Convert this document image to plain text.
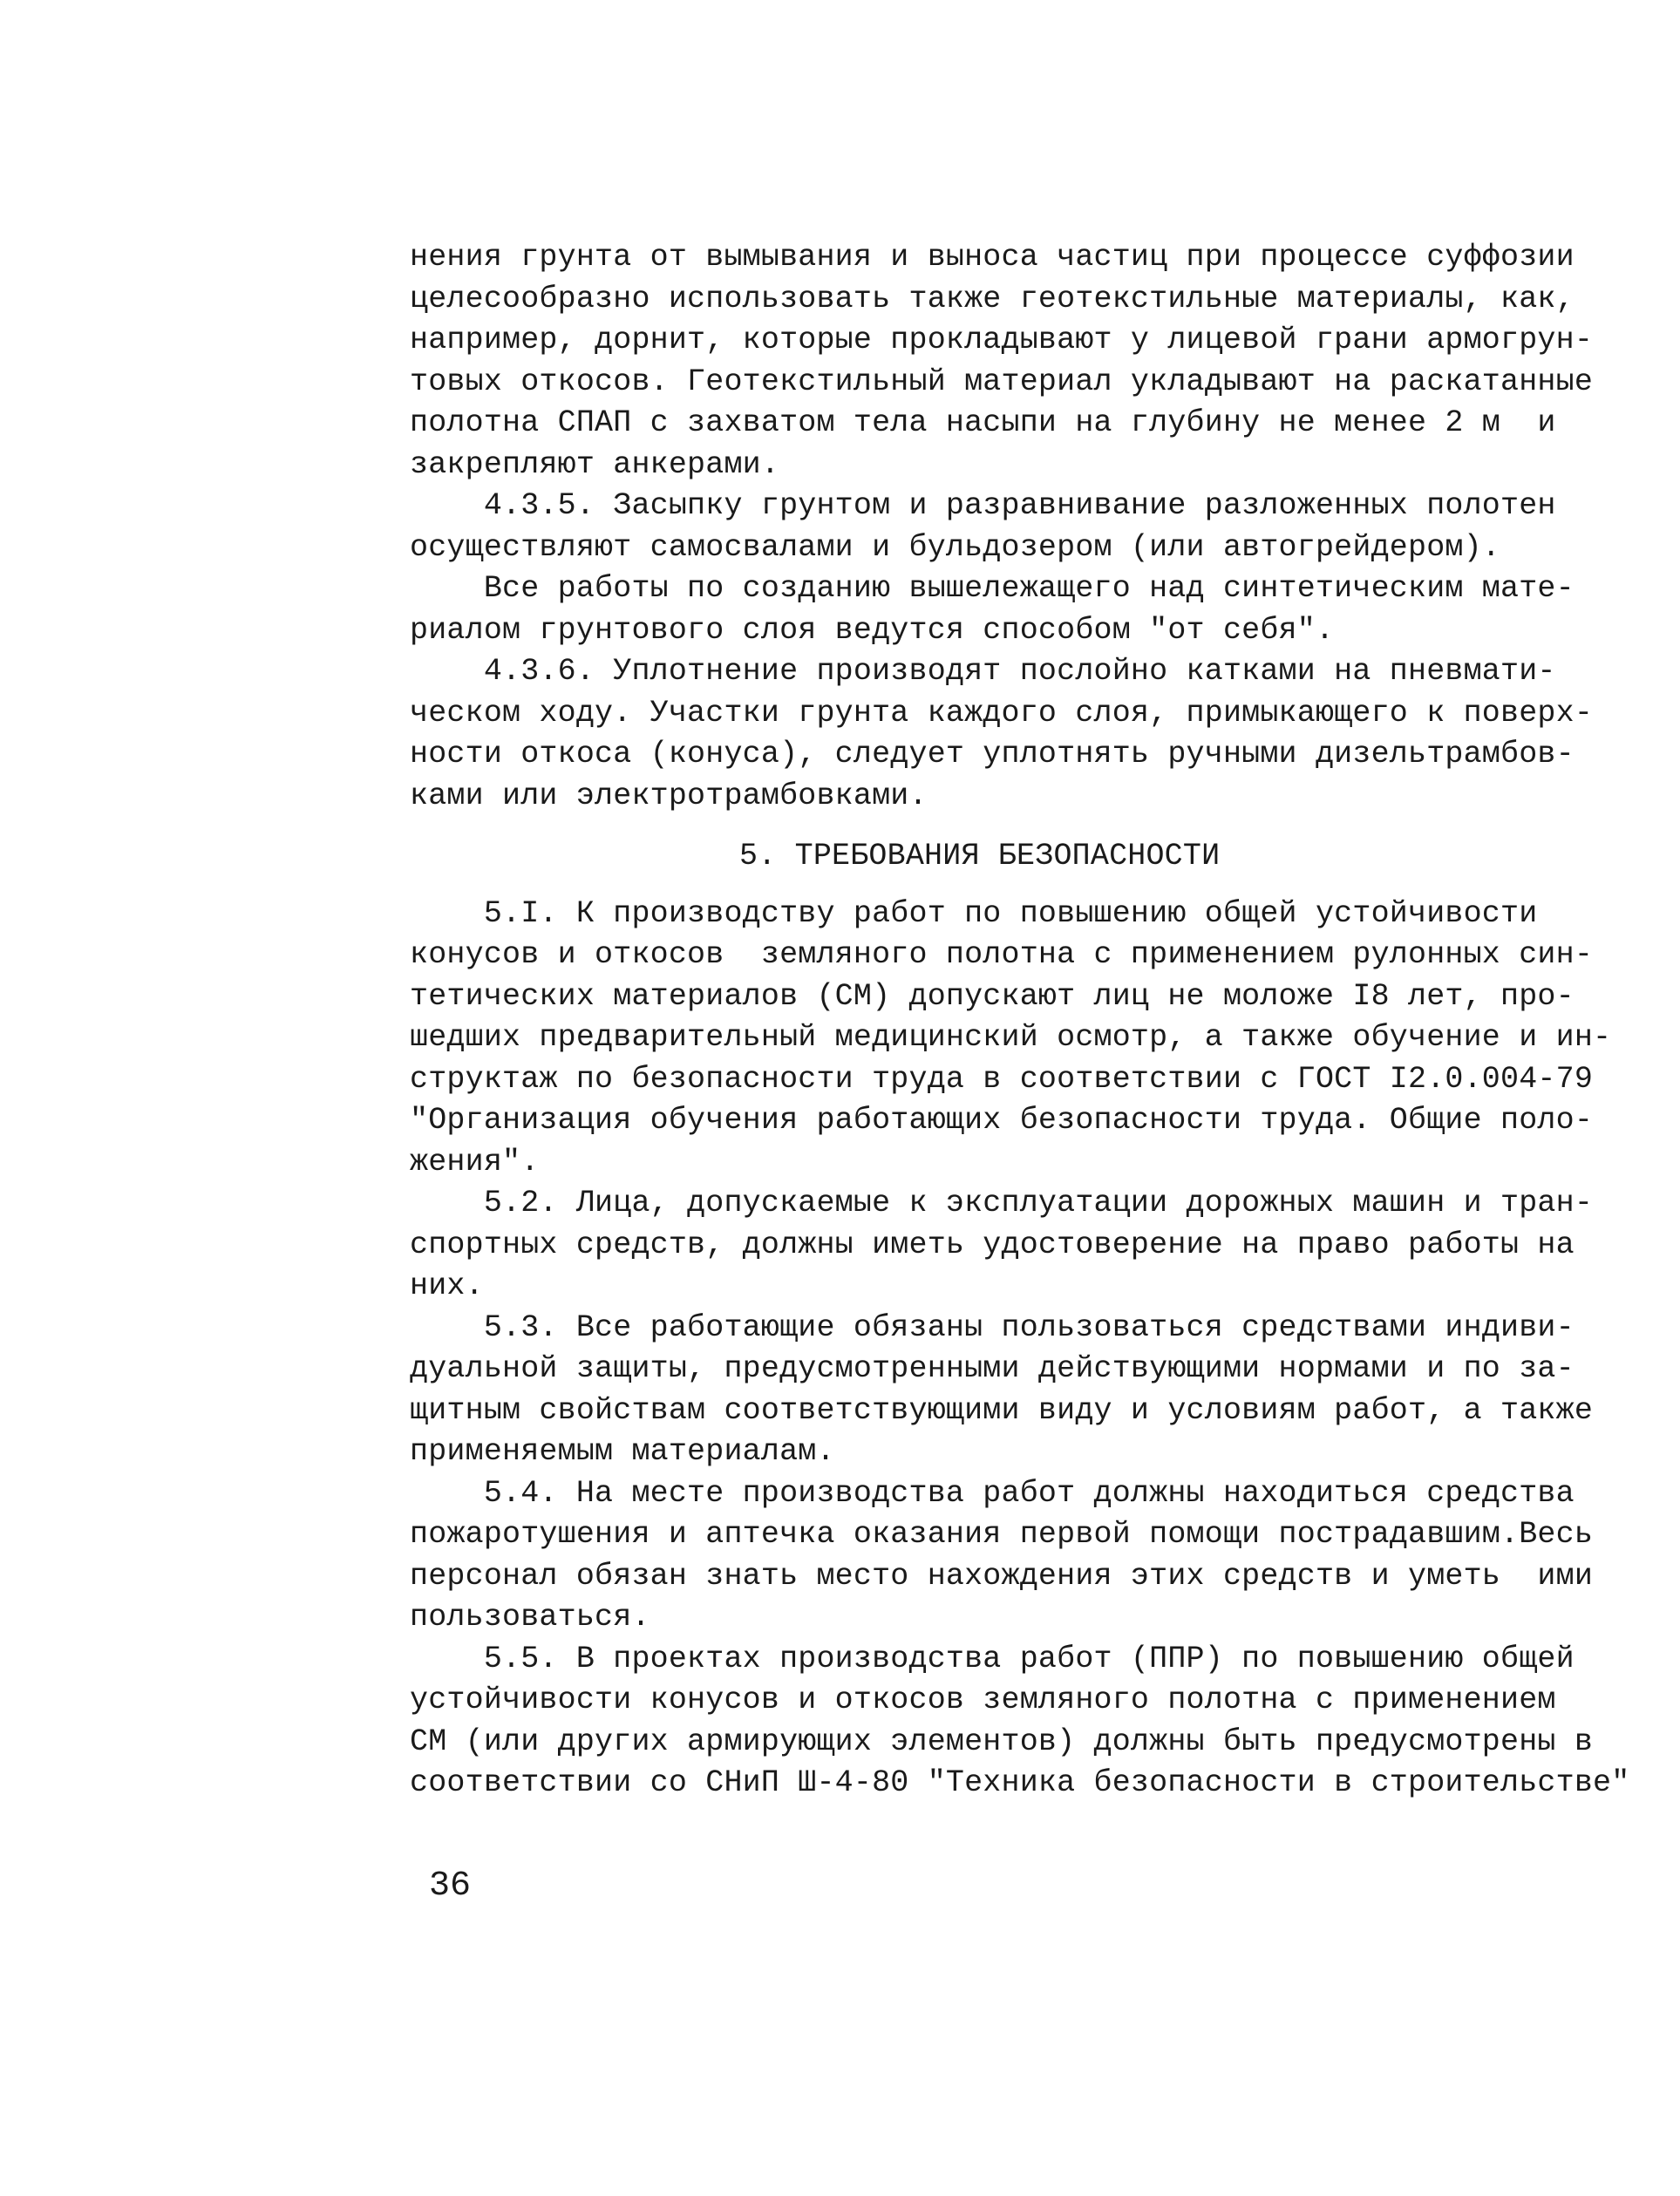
нения грунта от вымывания и выноса частиц при процессе суффозии
целесообразно использовать также геотекстильные материалы, как,
например, дорнит, которые прокладывают у лицевой грани армогрун-
товых откосов. Геотекстильный материал укладывают на раскатанные
полотна СПАП с захватом тела насыпи на глубину не менее 2 м  и
закрепляют анкерами.
4.3.5. Засыпку грунтом и разравнивание разложенных полотен
осуществляют самосвалами и бульдозером (или автогрейдером).
Все работы по созданию вышележащего над синтетическим мате-
риалом грунтового слоя ведутся способом "от себя".
4.3.6. Уплотнение производят послойно катками на пневмати-
ческом ходу. Участки грунта каждого слоя, примыкающего к поверх-
ности откоса (конуса), следует уплотнять ручными дизельтрамбов-
ками или электротрамбовками.
5. ТРЕБОВАНИЯ БЕЗОПАСНОСТИ
5.I. К производству работ по повышению общей устойчивости
конусов и откосов  земляного полотна с применением рулонных син-
тетических материалов (СМ) допускают лиц не моложе I8 лет, про-
шедших предварительный медицинский осмотр, а также обучение и ин-
структаж по безопасности труда в соответствии с ГОСТ I2.0.004-79
"Организация обучения работающих безопасности труда. Общие поло-
жения".
5.2. Лица, допускаемые к эксплуатации дорожных машин и тран-
спортных средств, должны иметь удостоверение на право работы на
них.
5.3. Все работающие обязаны пользоваться средствами индиви-
дуальной защиты, предусмотренными действующими нормами и по за-
щитным свойствам соответствующими виду и условиям работ, а также
применяемым материалам.
5.4. На месте производства работ должны находиться средства
пожаротушения и аптечка оказания первой помощи пострадавшим.Весь
персонал обязан знать место нахождения этих средств и уметь  ими
пользоваться.
5.5. В проектах производства работ (ППР) по повышению общей
устойчивости конусов и откосов земляного полотна с применением
СМ (или других армирующих элементов) должны быть предусмотрены в
соответствии со СНиП Ш-4-80 "Техника безопасности в строительстве"
36
